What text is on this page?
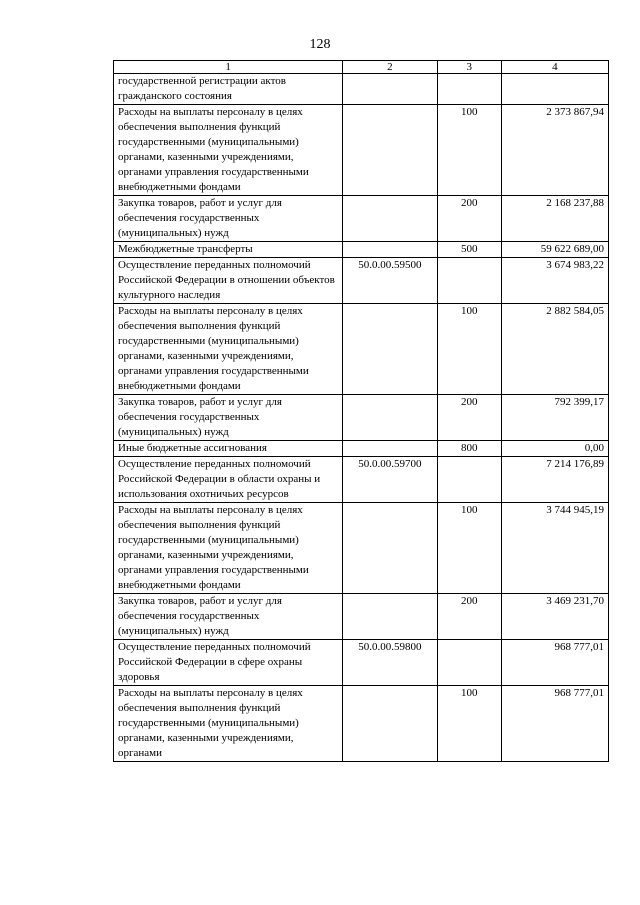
128
1	2	3	4
государственной регистрации актов гражданского состояния			
Расходы на выплаты персоналу в целях обеспечения выполнения функций государственными (муниципальными) органами, казенными учреждениями, органами управления государственными внебюджетными фондами		100	2 373 867,94
Закупка товаров, работ и услуг для обеспечения государственных (муниципальных) нужд		200	2 168 237,88
Межбюджетные трансферты		500	59 622 689,00
Осуществление переданных полномочий Российской Федерации в отношении объектов культурного наследия	50.0.00.59500		3 674 983,22
Расходы на выплаты персоналу в целях обеспечения выполнения функций государственными (муниципальными) органами, казенными учреждениями, органами управления государственными внебюджетными фондами		100	2 882 584,05
Закупка товаров, работ и услуг для обеспечения государственных (муниципальных) нужд		200	792 399,17
Иные бюджетные ассигнования		800	0,00
Осуществление переданных полномочий Российской Федерации в области охраны и использования охотничьих ресурсов	50.0.00.59700		7 214 176,89
Расходы на выплаты персоналу в целях обеспечения выполнения функций государственными (муниципальными) органами, казенными учреждениями, органами управления государственными внебюджетными фондами		100	3 744 945,19
Закупка товаров, работ и услуг для обеспечения государственных (муниципальных) нужд		200	3 469 231,70
Осуществление переданных полномочий Российской Федерации в сфере охраны здоровья	50.0.00.59800		968 777,01
Расходы на выплаты персоналу в целях обеспечения выполнения функций государственными (муниципальными) органами, казенными учреждениями, органами		100	968 777,01
